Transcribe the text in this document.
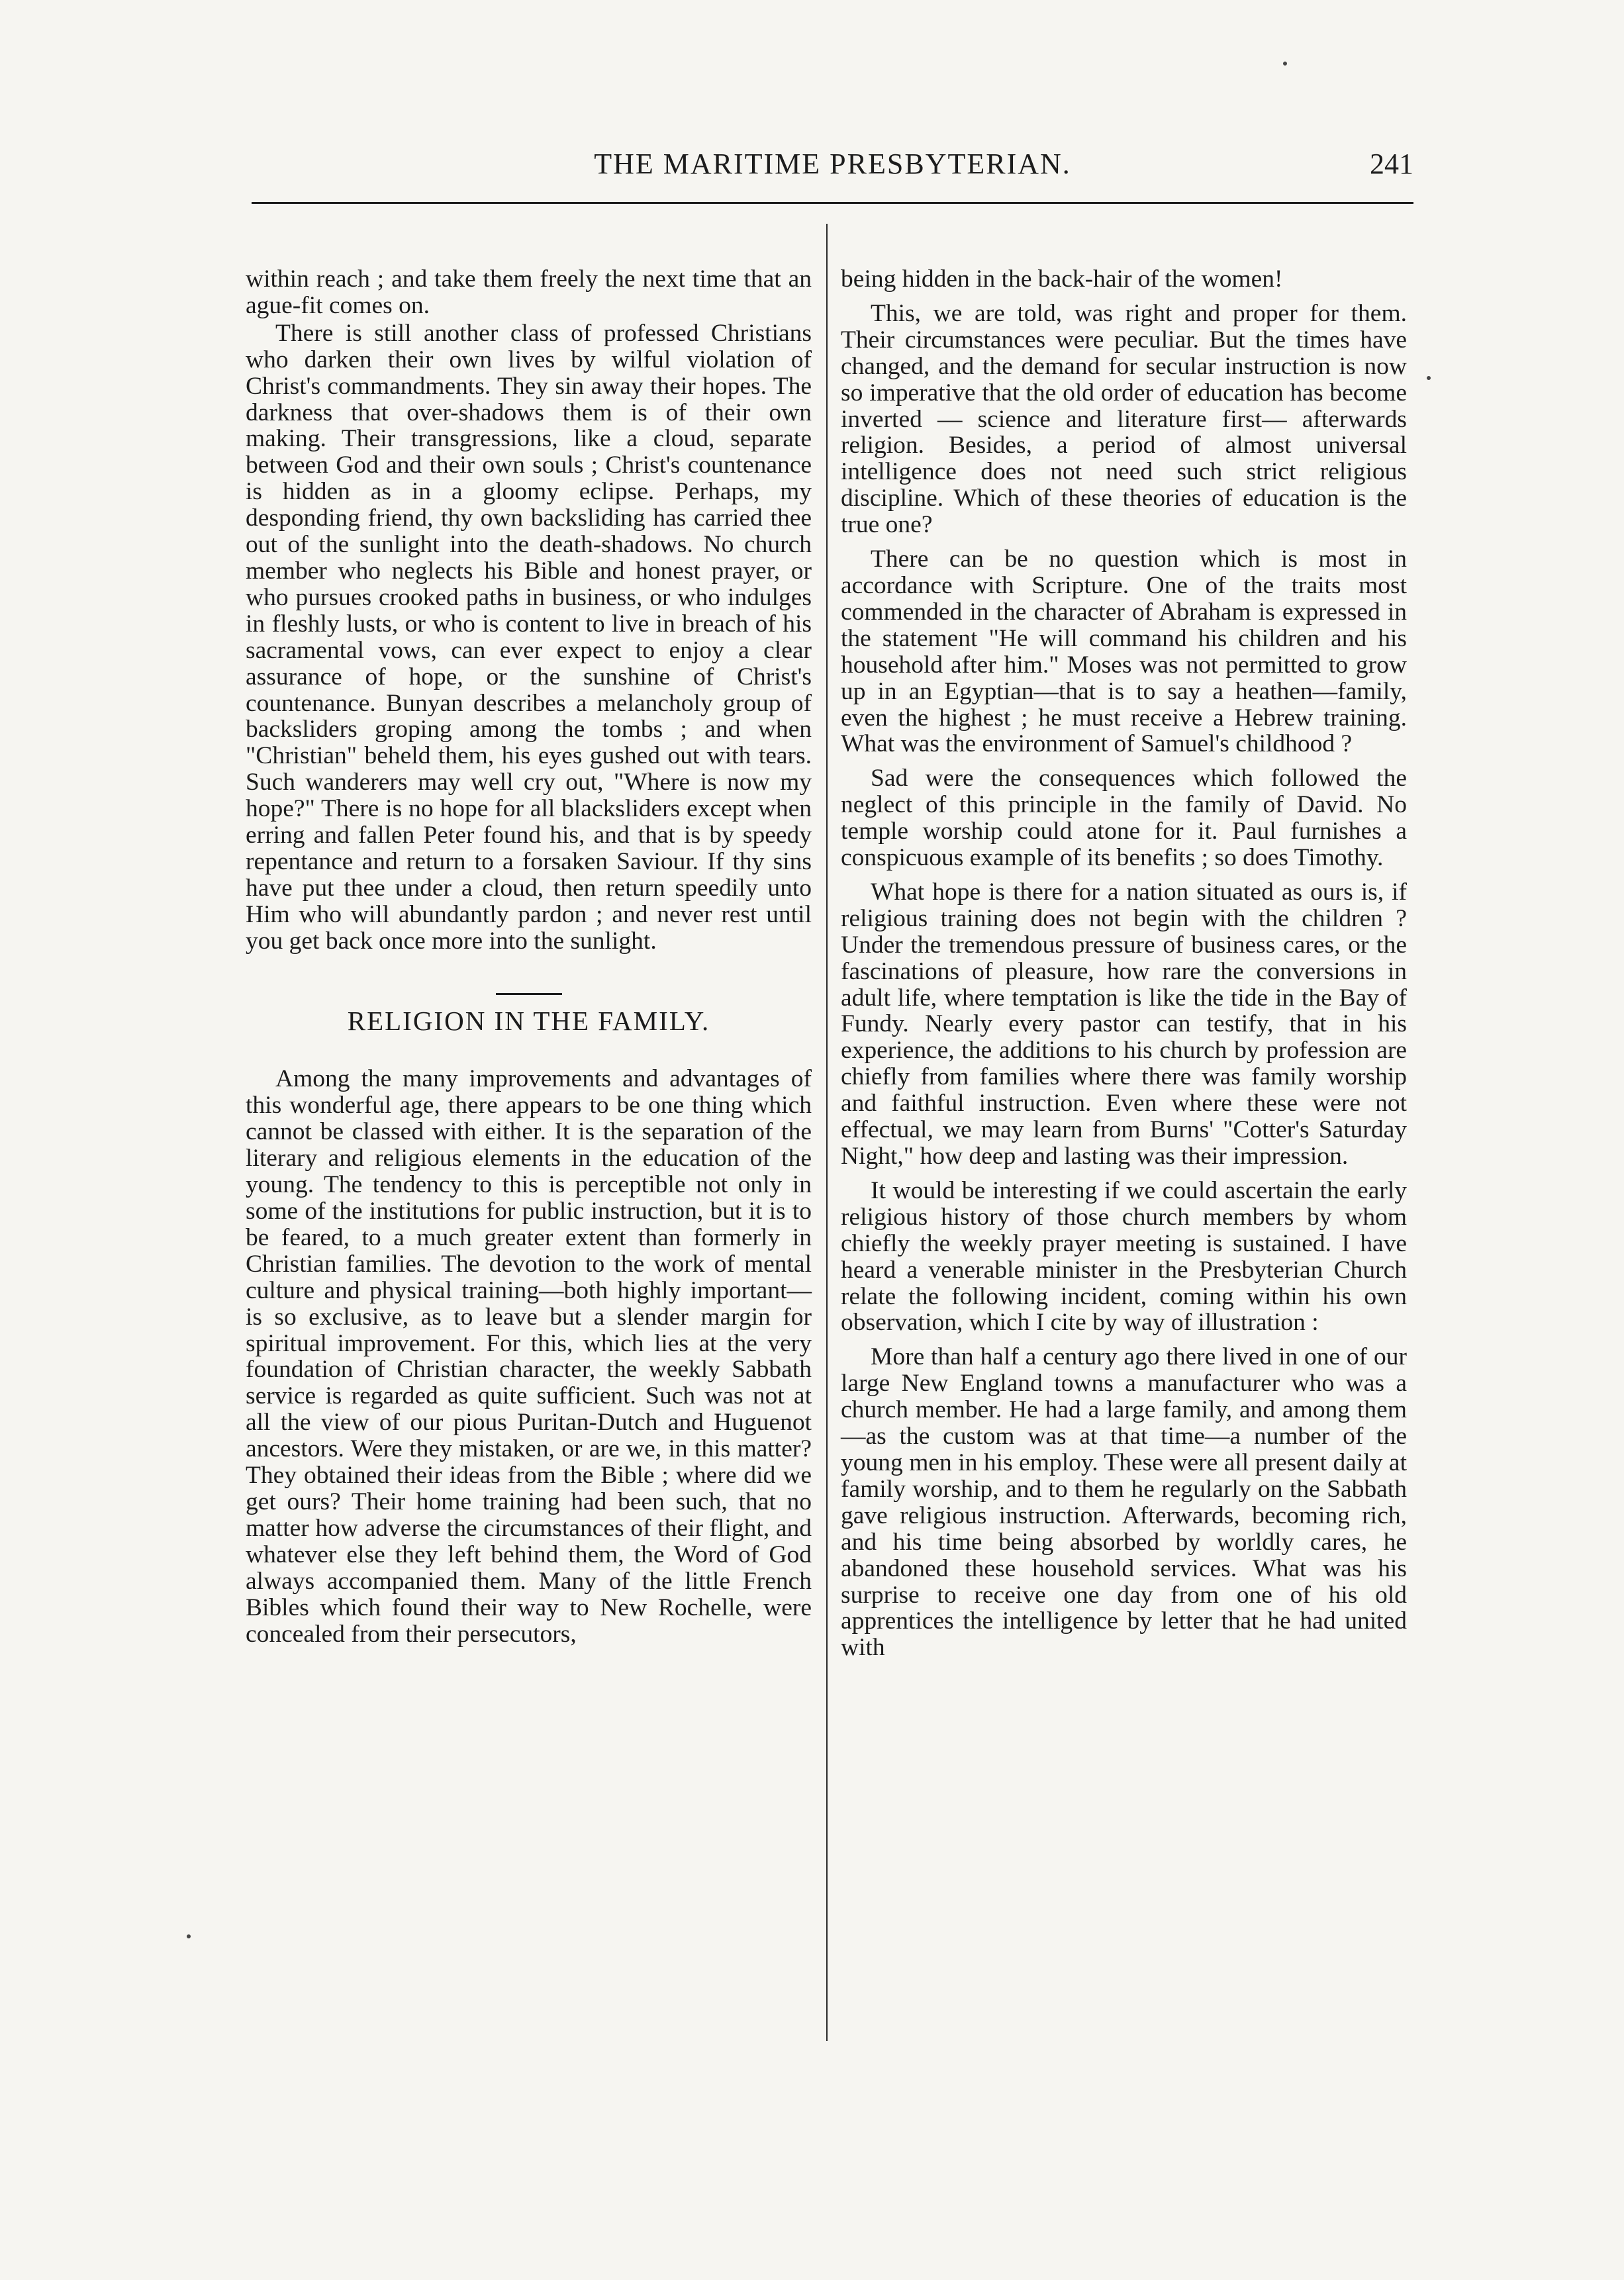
THE MARITIME PRESBYTERIAN.	241

within reach ; and take them freely the next time that an ague-fit comes on.

There is still another class of professed Christians who darken their own lives by wilful violation of Christ's commandments. They sin away their hopes. The darkness that over-shadows them is of their own making. Their transgressions, like a cloud, separate between God and their own souls ; Christ's countenance is hidden as in a gloomy eclipse. Perhaps, my desponding friend, thy own backsliding has carried thee out of the sunlight into the death-shadows. No church member who neglects his Bible and honest prayer, or who pursues crooked paths in business, or who indulges in fleshly lusts, or who is content to live in breach of his sacramental vows, can ever expect to enjoy a clear assurance of hope, or the sunshine of Christ's countenance. Bunyan describes a melancholy group of backsliders groping among the tombs ; and when "Christian" beheld them, his eyes gushed out with tears. Such wanderers may well cry out, "Where is now my hope?" There is no hope for all blacksliders except when erring and fallen Peter found his, and that is by speedy repentance and return to a forsaken Saviour. If thy sins have put thee under a cloud, then return speedily unto Him who will abundantly pardon ; and never rest until you get back once more into the sunlight.

RELIGION IN THE FAMILY.

Among the many improvements and advantages of this wonderful age, there appears to be one thing which cannot be classed with either. It is the separation of the literary and religious elements in the education of the young. The tendency to this is perceptible not only in some of the institutions for public instruction, but it is to be feared, to a much greater extent than formerly in Christian families. The devotion to the work of mental culture and physical training—both highly important—is so exclusive, as to leave but a slender margin for spiritual improvement. For this, which lies at the very foundation of Christian character, the weekly Sabbath service is regarded as quite sufficient. Such was not at all the view of our pious Puritan-Dutch and Huguenot ancestors. Were they mistaken, or are we, in this matter? They obtained their ideas from the Bible ; where did we get ours? Their home training had been such, that no matter how adverse the circumstances of their flight, and whatever else they left behind them, the Word of God always accompanied them. Many of the little French Bibles which found their way to New Rochelle, were concealed from their persecutors,

being hidden in the back-hair of the women!

This, we are told, was right and proper for them. Their circumstances were peculiar. But the times have changed, and the demand for secular instruction is now so imperative that the old order of education has become inverted — science and literature first— afterwards religion. Besides, a period of almost universal intelligence does not need such strict religious discipline. Which of these theories of education is the true one?

There can be no question which is most in accordance with Scripture. One of the traits most commended in the character of Abraham is expressed in the statement "He will command his children and his household after him." Moses was not permitted to grow up in an Egyptian—that is to say a heathen—family, even the highest ; he must receive a Hebrew training. What was the environment of Samuel's childhood ?

Sad were the consequences which followed the neglect of this principle in the family of David. No temple worship could atone for it. Paul furnishes a conspicuous example of its benefits ; so does Timothy.

What hope is there for a nation situated as ours is, if religious training does not begin with the children ? Under the tremendous pressure of business cares, or the fascinations of pleasure, how rare the conversions in adult life, where temptation is like the tide in the Bay of Fundy. Nearly every pastor can testify, that in his experience, the additions to his church by profession are chiefly from families where there was family worship and faithful instruction. Even where these were not effectual, we may learn from Burns' "Cotter's Saturday Night," how deep and lasting was their impression.

It would be interesting if we could ascertain the early religious history of those church members by whom chiefly the weekly prayer meeting is sustained. I have heard a venerable minister in the Presbyterian Church relate the following incident, coming within his own observation, which I cite by way of illustration :

More than half a century ago there lived in one of our large New England towns a manufacturer who was a church member. He had a large family, and among them—as the custom was at that time—a number of the young men in his employ. These were all present daily at family worship, and to them he regularly on the Sabbath gave religious instruction. Afterwards, becoming rich, and his time being absorbed by worldly cares, he abandoned these household services. What was his surprise to receive one day from one of his old apprentices the intelligence by letter that he had united with
